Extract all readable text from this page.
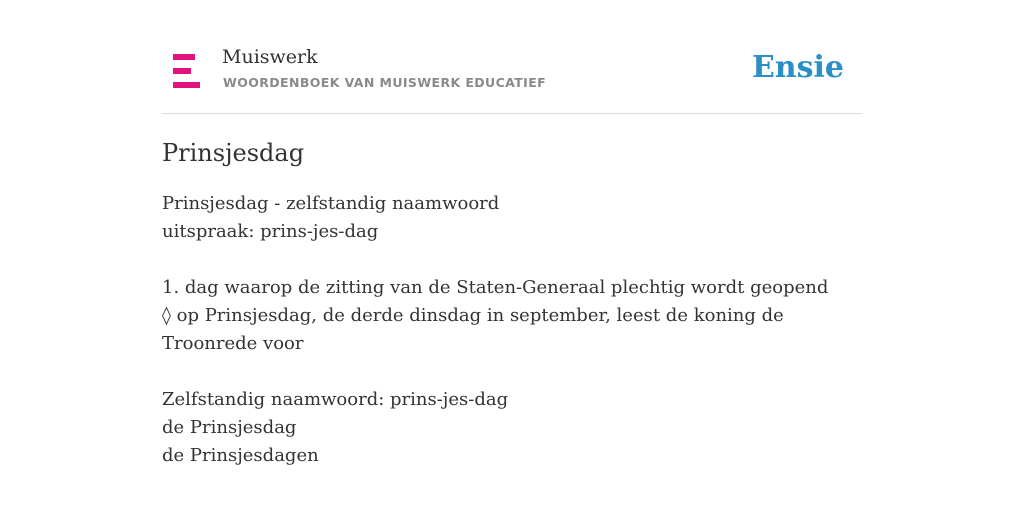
Muiswerk
WOORDENBOEK VAN MUISWERK EDUCATIEF	Ensie
Prinsjesdag
Prinsjesdag - zelfstandig naamwoord
uitspraak: prins-jes-dag
1. dag waarop de zitting van de Staten-Generaal plechtig wordt geopend
◊ op Prinsjesdag, de derde dinsdag in september, leest de koning de Troonrede voor
Zelfstandig naamwoord: prins-jes-dag
de Prinsjesdag
de Prinsjesdagen
